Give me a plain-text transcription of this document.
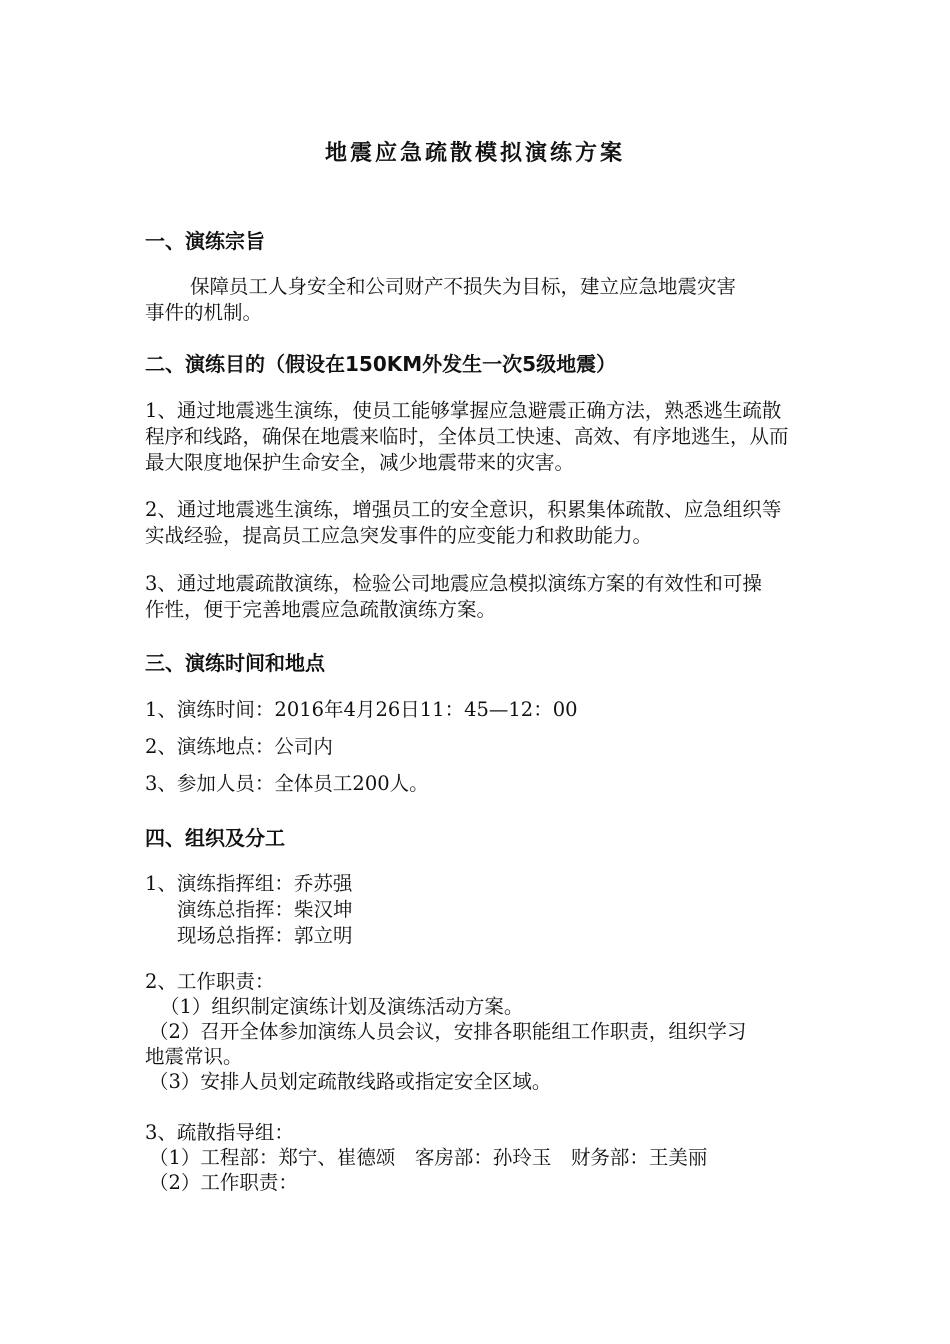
地震应急疏散模拟演练方案
一、演练宗旨
保障员工人身安全和公司财产不损失为目标，建立应急地震灾害
事件的机制。
二、演练目的（假设在150KM外发生一次5级地震）
1、通过地震逃生演练，使员工能够掌握应急避震正确方法，熟悉逃生疏散
程序和线路，确保在地震来临时，全体员工快速、高效、有序地逃生，从而
最大限度地保护生命安全，减少地震带来的灾害。
2、通过地震逃生演练，增强员工的安全意识，积累集体疏散、应急组织等
实战经验，提高员工应急突发事件的应变能力和救助能力。
3、通过地震疏散演练，检验公司地震应急模拟演练方案的有效性和可操
作性，便于完善地震应急疏散演练方案。
三、演练时间和地点
1、演练时间：2016年4月26日11：45—12：00
2、演练地点：公司内
3、参加人员：全体员工200人。
四、组织及分工
1、演练指挥组：乔苏强
演练总指挥：柴汉坤
现场总指挥：郭立明
2、工作职责：
（1）组织制定演练计划及演练活动方案。
（2）召开全体参加演练人员会议，安排各职能组工作职责，组织学习
地震常识。
（3）安排人员划定疏散线路或指定安全区域。
3、疏散指导组：
（1）工程部：郑宁、崔德颂　客房部：孙玲玉　财务部：王美丽
（2）工作职责：
